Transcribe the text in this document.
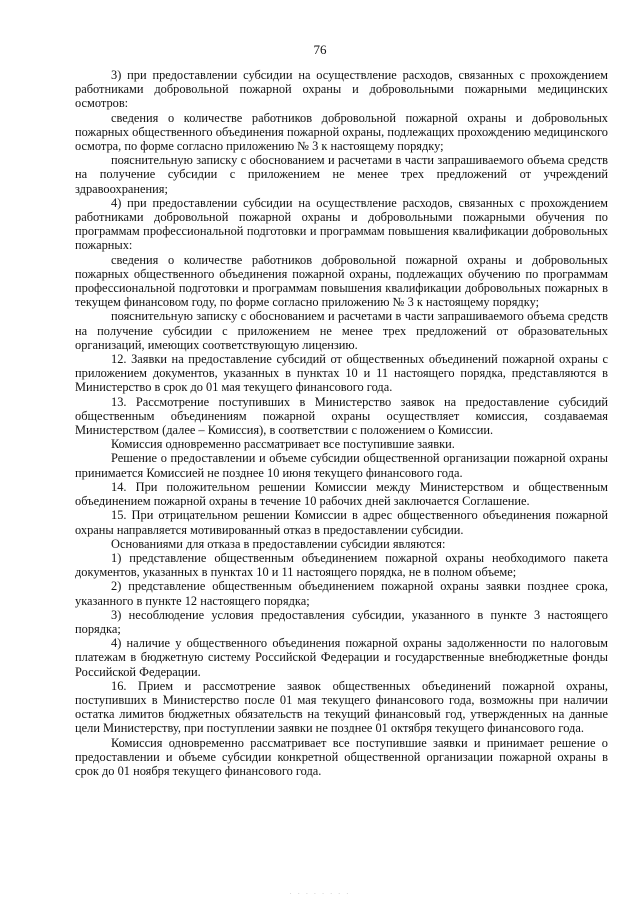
76

3) при предоставлении субсидии на осуществление расходов, связанных с прохождением работниками добровольной пожарной охраны и добровольными пожарными медицинских осмотров:

сведения о количестве работников добровольной пожарной охраны и добровольных пожарных общественного объединения пожарной охраны, подлежащих прохождению медицинского осмотра, по форме согласно приложению № 3 к настоящему порядку;

пояснительную записку с обоснованием и расчетами в части запрашиваемого объема средств на получение субсидии с приложением не менее трех предложений от учреждений здравоохранения;

4) при предоставлении субсидии на осуществление расходов, связанных с прохождением работниками добровольной пожарной охраны и добровольными пожарными обучения по программам профессиональной подготовки и программам повышения квалификации добровольных пожарных:

сведения о количестве работников добровольной пожарной охраны и добровольных пожарных общественного объединения пожарной охраны, подлежащих обучению по программам профессиональной подготовки и программам повышения квалификации добровольных пожарных в текущем финансовом году, по форме согласно приложению № 3 к настоящему порядку;

пояснительную записку с обоснованием и расчетами в части запрашиваемого объема средств на получение субсидии с приложением не менее трех предложений от образовательных организаций, имеющих соответствующую лицензию.

12. Заявки на предоставление субсидий от общественных объединений пожарной охраны с приложением документов, указанных в пунктах 10 и 11 настоящего порядка, представляются в Министерство в срок до 01 мая текущего финансового года.

13. Рассмотрение поступивших в Министерство заявок на предоставление субсидий общественным объединениям пожарной охраны осуществляет комиссия, создаваемая Министерством (далее – Комиссия), в соответствии с положением о Комиссии.

Комиссия одновременно рассматривает все поступившие заявки.

Решение о предоставлении и объеме субсидии общественной организации пожарной охраны принимается Комиссией не позднее 10 июня текущего финансового года.

14. При положительном решении Комиссии между Министерством и общественным объединением пожарной охраны в течение 10 рабочих дней заключается Соглашение.

15. При отрицательном решении Комиссии в адрес общественного объединения пожарной охраны направляется мотивированный отказ в предоставлении субсидии.

Основаниями для отказа в предоставлении субсидии являются:

1) представление общественным объединением пожарной охраны необходимого пакета документов, указанных в пунктах 10 и 11 настоящего порядка, не в полном объеме;

2) представление общественным объединением пожарной охраны заявки позднее срока, указанного в пункте 12 настоящего порядка;

3) несоблюдение условия предоставления субсидии, указанного в пункте 3 настоящего порядка;

4) наличие у общественного объединения пожарной охраны задолженности по налоговым платежам в бюджетную систему Российской Федерации и государственные внебюджетные фонды Российской Федерации.

16. Прием и рассмотрение заявок общественных объединений пожарной охраны, поступивших в Министерство после 01 мая текущего финансового года, возможны при наличии остатка лимитов бюджетных обязательств на текущий финансовый год, утвержденных на данные цели Министерству, при поступлении заявки не позднее 01 октября текущего финансового года.

Комиссия одновременно рассматривает все поступившие заявки и принимает решение о предоставлении и объеме субсидии конкретной общественной организации пожарной охраны в срок до 01 ноября текущего финансового года.

· · · · · · · ·
